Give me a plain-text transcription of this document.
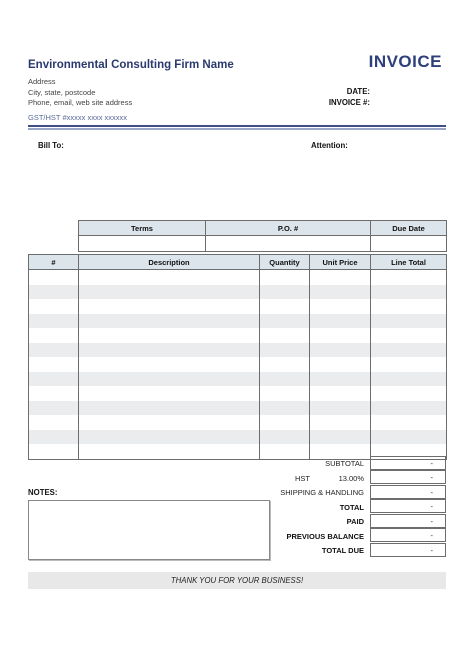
Environmental Consulting Firm Name	INVOICE
Address
City, state, postcode
Phone, email, web site address
DATE:
INVOICE #:
GST/HST #xxxxx xxxx xxxxxx
Bill To:	Attention:
Terms	P.O. #	Due Date

#	Description	Quantity	Unit Price	Line Total

SUBTOTAL	-
HST	13.00%	-
NOTES:	SHIPPING & HANDLING	-
TOTAL	-
PAID	-
PREVIOUS BALANCE	-
TOTAL DUE	-
THANK YOU FOR YOUR BUSINESS!
